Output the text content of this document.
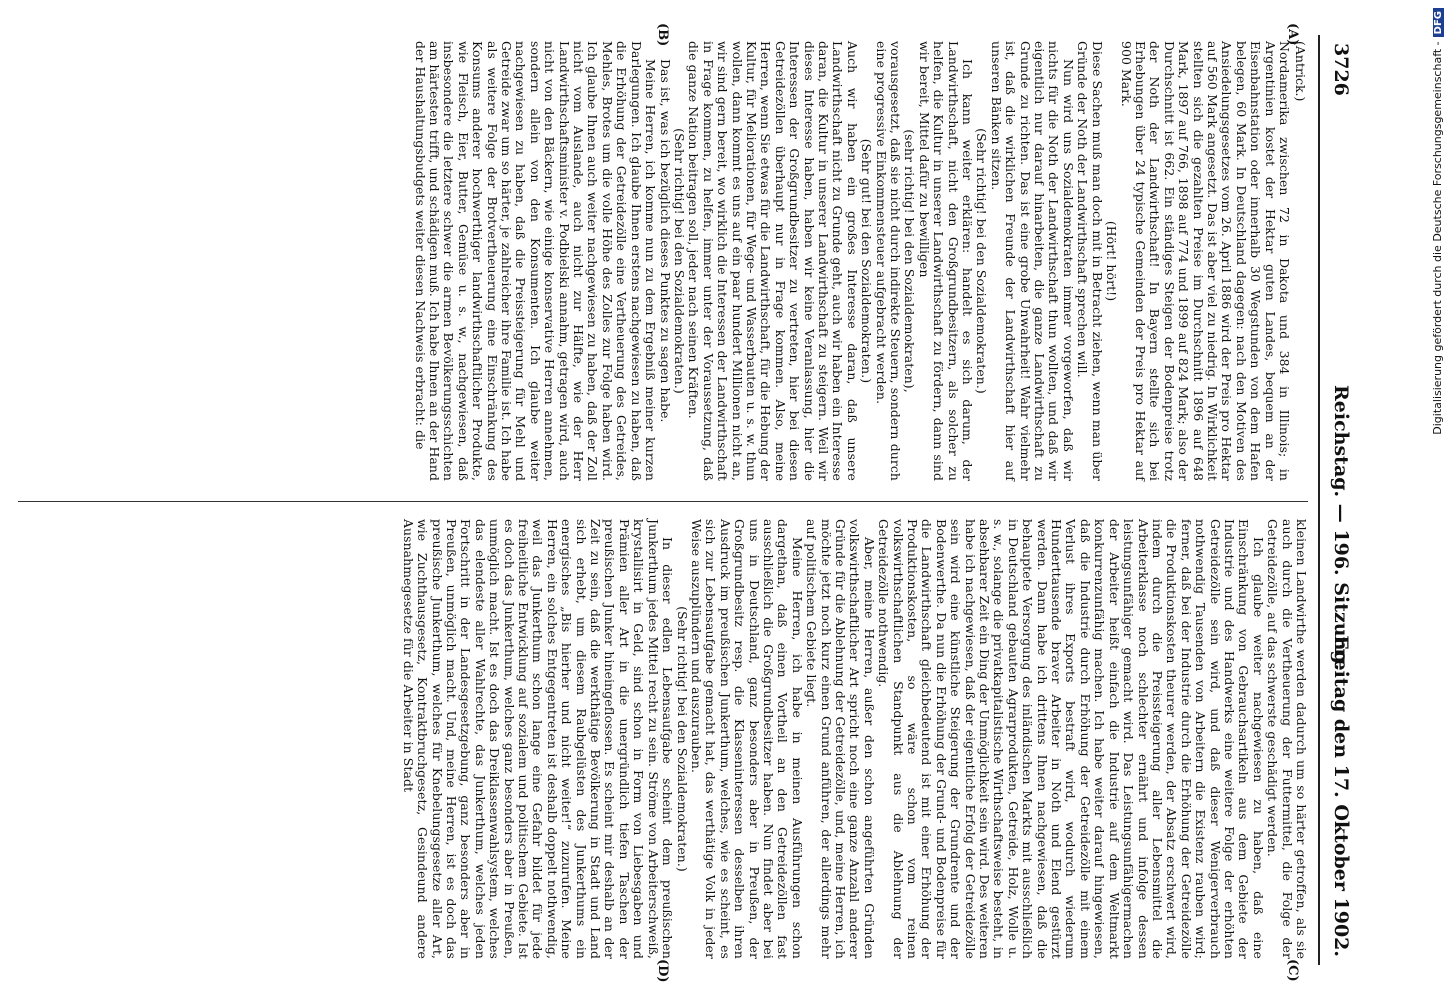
3726
Reichstag. — 196. Sitzung.
Freitag den 17. Oktober 1902.
(A)
(B)
(C)
(D)
(Antrick.)

Nordamerika zwischen 72 in Dakota und 384 in Illinois; in Argentinien kostet der Hektar guten Landes, bequem an der Eisenbahnstation oder innerhalb 30 Wegstunden von dem Hafen belegen, 60 Mark. In Deutschland dagegen: nach den Motiven des Ansiedelungsgesetzes vom 26. April 1886 wird der Preis pro Hektar auf 560 Mark angesetzt. Das ist aber viel zu niedrig. In Wirklichkeit stellten sich die gezahlten Preise im Durchschnitt 1896 auf 648 Mark, 1897 auf 766, 1898 auf 774 und 1899 auf 824 Mark; also der Durchschnitt ist 662. Ein ständiges Steigen der Bodenpreise trotz der Noth der Landwirthschaft! In Bayern stellte sich bei Erhebungen über 24 typische Gemeinden der Preis pro Hektar auf 900 Mark.

(Hört! hört!)

Diese Sachen muß man doch mit in Betracht ziehen, wenn man über Gründe der Noth der Landwirthschaft sprechen will.

Nun wird uns Sozialdemokraten immer vorgeworfen, daß wir nichts für die Noth der Landwirthschaft thun wollten, und daß wir eigentlich nur darauf hinarbeiten, die ganze Landwirthschaft zu Grunde zu richten. Das ist eine grobe Unwahrheit! Wahr vielmehr ist, daß die wirklichen Freunde der Landwirthschaft hier auf unseren Bänken sitzen.

(Sehr richtig! bei den Sozialdemokraten.)

Ich kann weiter erklären: handelt es sich darum, der Landwirthschaft, nicht den Großgrundbesitzern, als solcher zu helfen, die Kultur in unserer Landwirthschaft zu fördern, dann sind wir bereit, Mittel dafür zu bewilligen

(sehr richtig! bei den Sozialdemokraten),

vorausgesetzt, daß sie nicht durch indirekte Steuern, sondern durch eine progressive Einkommensteuer aufgebracht werden.

(Sehr gut! bei den Sozialdemokraten.)

Auch wir haben ein großes Interesse daran, daß unsere Landwirthschaft nicht zu Grunde geht, auch wir haben ein Interesse daran, die Kultur in unserer Landwirthschaft zu steigern. Weil wir dieses Interesse haben, haben wir keine Veranlassung, hier die Interessen der Großgrundbesitzer zu vertreten, hier bei diesen Getreidezöllen überhaupt nur in Frage kommen. Also, meine Herren, wenn Sie etwas für die Landwirthschaft, für die Hebung der Kultur, für Meliorationen, für Wege- und Wasserbauten u. s. w. thun wollen, dann kommt es uns auf ein paar hundert Millionen nicht an, wir sind gern bereit, wo wirklich die Interessen der Landwirthschaft in Frage kommen, zu helfen, immer unter der Voraussetzung, daß die ganze Nation beitragen soll, jeder nach seinen Kräften.

(Sehr richtig! bei den Sozialdemokraten.)

Das ist, was ich bezüglich dieses Punktes zu sagen habe.

Meine Herren, ich komme nun zu dem Ergebniß meiner kurzen Darlegungen. Ich glaube Ihnen erstens nachgewiesen zu haben, daß die Erhöhung der Getreidezölle eine Vertheuerung des Getreides, Mehles, Brotes um die volle Höhe des Zolles zur Folge haben wird. Ich glaube Ihnen auch weiter nachgewiesen zu haben, daß der Zoll nicht vom Auslande, auch nicht zur Hälfte, wie der Herr Landwirthschaftsminister v. Podbielski annahm, getragen wird, auch nicht von den Bäckern, wie einige konservative Herren annehmen, sondern allein von den Konsumenten. Ich glaube weiter nachgewiesen zu haben, daß die Preissteigerung für Mehl und Getreide zwar um so härter, je zahlreicher ihre Familie ist. Ich habe als weitere Folge der Brotvertheuerung eine Einschränkung des Konsums anderer hochwerthiger landwirthschaftlicher Produkte, wie Fleisch, Eier, Butter, Gemüse u. s. w., nachgewiesen, daß insbesondere die letztere schwer die armen Bevölkerungsschichten am härtesten trifft, und schädigen muß. Ich habe Ihnen an der Hand der Haushaltungsbudgets weiter diesen Nachweis erbracht: die

kleinen Landwirthe werden dadurch um so härter getroffen, als sie auch durch die Vertheuerung der Futtermittel, die Folge der Getreidezölle, auf das schwerste geschädigt werden.

Ich glaube weiter nachgewiesen zu haben, daß eine Einschränkung von Gebrauchsartikeln aus dem Gebiete der Industrie und des Handwerks eine weitere Folge der erhöhten Getreidezölle sein wird, und daß dieser Wenigerverbrauch nothwendig Tausenden von Arbeitern die Existenz rauben wird; ferner, daß bei der Industrie durch die Erhöhung der Getreidezölle die Produktionskosten theurer werden, der Absatz erschwert wird, indem durch die Preissteigerung aller Lebensmittel die Arbeiterklasse noch schlechter ernährt und infolge dessen leistungsunfähiger gemacht wird. Das Leistungsunfähigermachen der Arbeiter heißt einfach die Industrie auf dem Weltmarkt konkurrenzunfähig machen. Ich habe weiter darauf hingewiesen, daß die Industrie durch Erhöhung der Getreidezölle mit einem Verlust ihres Exports bestraft wird, wodurch wiederum Hunderttausende braver Arbeiter in Noth und Elend gestürzt werden. Dann habe ich drittens Ihnen nachgewiesen, daß die behauptete Versorgung des inländischen Markts mit ausschließlich in Deutschland gebauten Agrarprodukten, Getreide, Holz, Wolle u. s. w., solange die privatkapitalistische Wirthschaftsweise besteht, in absehbarer Zeit ein Ding der Unmöglichkeit sein wird. Des weiteren habe ich nachgewiesen, daß der eigentliche Erfolg der Getreidezölle sein wird eine künstliche Steigerung der Grundrente und der Bodenwerthe. Da nun die Erhöhung der Grund- und Bodenpreise für die Landwirthschaft gleichbedeutend ist mit einer Erhöhung der Produktionskosten, so wäre schon vom reinen volkswirthschaftlichen Standpunkt aus die Ablehnung der Getreidezölle nothwendig.

Aber, meine Herren, außer den schon angeführten Gründen volkswirthschaftlicher Art spricht noch eine ganze Anzahl anderer Gründe für die Ablehnung der Getreidezölle, und, meine Herren, ich möchte jetzt noch kurz einen Grund anführen, der allerdings mehr auf politischem Gebiete liegt.

Meine Herren, ich habe in meinen Ausführungen schon dargethan, daß einen Vortheil an den Getreidezöllen fast ausschließlich die Großgrundbesitzer haben. Nun findet aber bei uns in Deutschland, ganz besonders aber in Preußen, der Großgrundbesitz resp. die Klasseninteressen desselben ihren Ausdruck im preußischen Junkerthum, welches, wie es scheint, es sich zur Lebensaufgabe gemacht hat, das werthätige Volk in jeder Weise auszuplündern und auszurauben.

(Sehr richtig! bei den Sozialdemokraten.)

In dieser edlen Lebensaufgabe scheint dem preußischen Junkerthum jedes Mittel recht zu sein. Ströme von Arbeiterschweiß, krystallisirt in Geld, sind schon in Form von Liebesgaben und Prämien aller Art in die unergründlich tiefen Taschen der preußischen Junker hineingeflossen. Es scheint mir deshalb an der Zeit zu sein, daß die werkthätige Bevölkerung in Stadt und Land sich erhebt, um diesem Raubgelüsten des Junkerthums ein energisches „Bis hierher und nicht weiter!“ zuzurufen. Meine Herren, ein solches Entgegentreten ist deshalb doppelt nothwendig, weil das Junkerthum schon lange eine Gefahr bildet für jede freiheitliche Entwicklung auf sozialem und politischem Gebiete. Ist es doch das Junkerthum, welches ganz besonders aber in Preußen, unmöglich macht. Ist es doch das Dreiklassenwahlsystem, welches das elendeste aller Wahlrechte, das Junkerthum, welches jeden Fortschritt in der Landesgesetzgebung, ganz besonders aber in Preußen, unmöglich macht. Und, meine Herren, ist es doch das preußische Junkerthum, welches für Knebelungsgesetze aller Art, wie Zuchthausgesetz, Kontraktbruchgesetz, Gesindeund andere Ausnahmegesetze für die Arbeiter in Stadt

Digitalisierung gefördert durch die Deutsche Forschungsgemeinschaft -DFG
